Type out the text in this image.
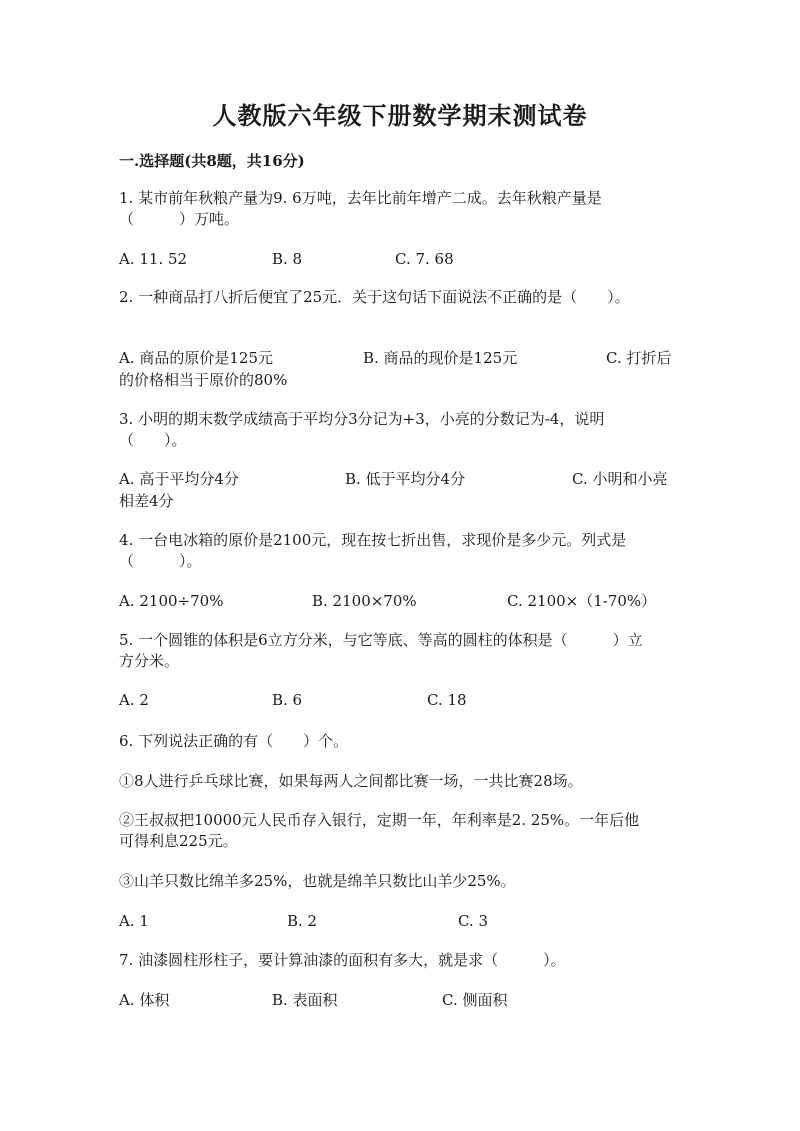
人教版六年级下册数学期末测试卷
一.选择题(共8题，共16分)
1. 某市前年秋粮产量为9. 6万吨，去年比前年增产二成。去年秋粮产量是
（　　　）万吨。
A. 11. 52	B. 8	C. 7. 68
2. 一种商品打八折后便宜了25元．关于这句话下面说法不正确的是（　　）。
A. 商品的原价是125元	B. 商品的现价是125元	C. 打折后
的价格相当于原价的80%
3. 小明的期末数学成绩高于平均分3分记为+3，小亮的分数记为-4，说明
（　　）。
A. 高于平均分4分	B. 低于平均分4分	C. 小明和小亮
相差4分
4. 一台电冰箱的原价是2100元，现在按七折出售，求现价是多少元。列式是
（　　　）。
A. 2100÷70%	B. 2100×70%	C. 2100×（1-70%）
5. 一个圆锥的体积是6立方分米，与它等底、等高的圆柱的体积是（　　　）立
方分米。
A. 2	B. 6	C. 18
6. 下列说法正确的有（　　）个。
①8人进行乒乓球比赛，如果每两人之间都比赛一场，一共比赛28场。
②王叔叔把10000元人民币存入银行，定期一年，年利率是2. 25%。一年后他
可得利息225元。
③山羊只数比绵羊多25%，也就是绵羊只数比山羊少25%。
A. 1	B. 2	C. 3
7. 油漆圆柱形柱子，要计算油漆的面积有多大，就是求（　　　）。
A. 体积	B. 表面积	C. 侧面积
